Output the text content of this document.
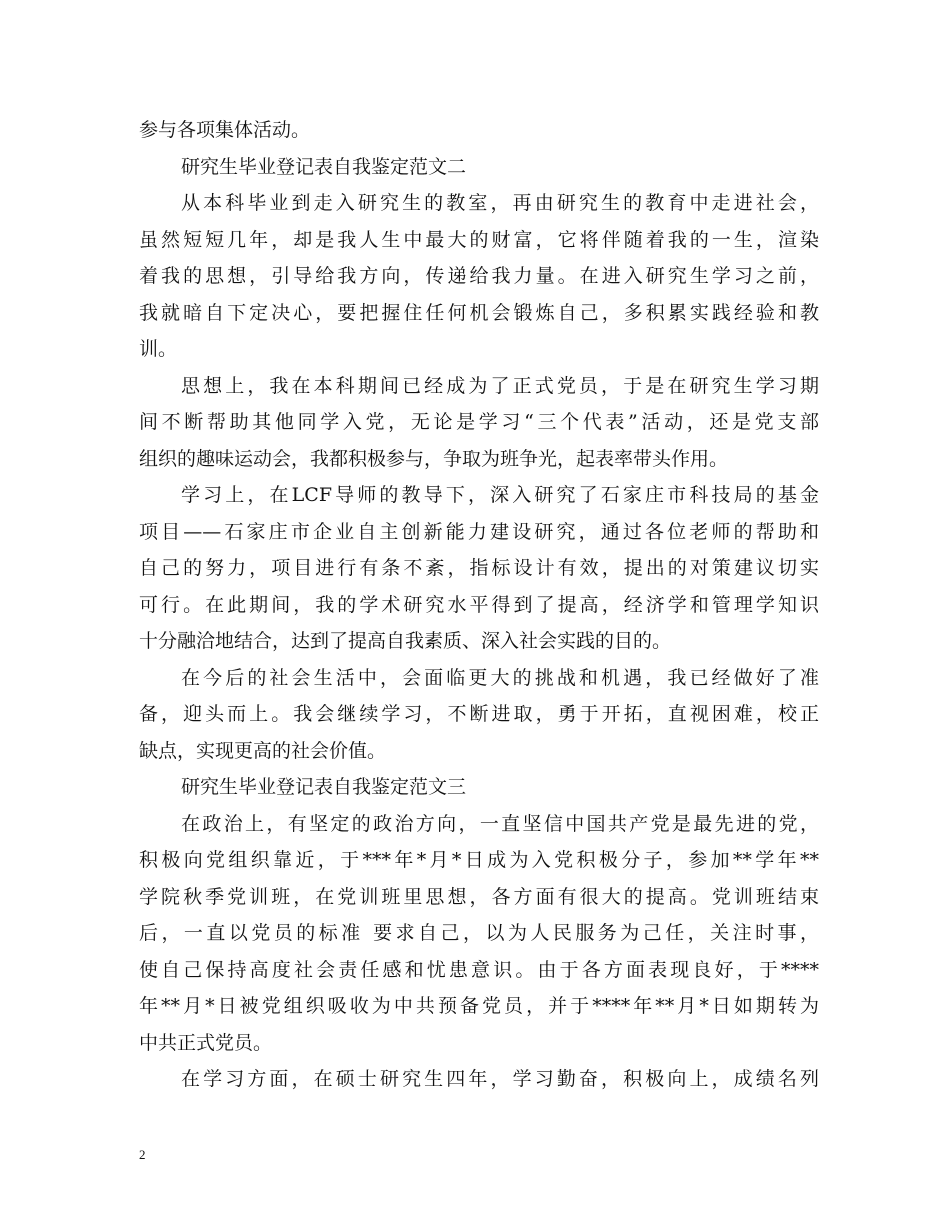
参与各项集体活动。
研究生毕业登记表自我鉴定范文二
从本科毕业到走入研究生的教室，再由研究生的教育中走进社会，
虽然短短几年，却是我人生中最大的财富，它将伴随着我的一生，渲染
着我的思想，引导给我方向，传递给我力量。在进入研究生学习之前，
我就暗自下定决心，要把握住任何机会锻炼自己，多积累实践经验和教
训。
思想上，我在本科期间已经成为了正式党员，于是在研究生学习期
间不断帮助其他同学入党，无论是学习“三个代表”活动，还是党支部
组织的趣味运动会，我都积极参与，争取为班争光，起表率带头作用。
学习上，在LCF导师的教导下，深入研究了石家庄市科技局的基金
项目——石家庄市企业自主创新能力建设研究，通过各位老师的帮助和
自己的努力，项目进行有条不紊，指标设计有效，提出的对策建议切实
可行。在此期间，我的学术研究水平得到了提高，经济学和管理学知识
十分融洽地结合，达到了提高自我素质、深入社会实践的目的。
在今后的社会生活中，会面临更大的挑战和机遇，我已经做好了准
备，迎头而上。我会继续学习，不断进取，勇于开拓，直视困难，校正
缺点，实现更高的社会价值。
研究生毕业登记表自我鉴定范文三
在政治上，有坚定的政治方向，一直坚信中国共产党是最先进的党，
积极向党组织靠近，于***年*月*日成为入党积极分子，参加**学年**
学院秋季党训班，在党训班里思想，各方面有很大的提高。党训班结束
后，一直以党员的标准 要求自己，以为人民服务为己任，关注时事，
使自己保持高度社会责任感和忧患意识。由于各方面表现良好，于****
年**月*日被党组织吸收为中共预备党员，并于****年**月*日如期转为
中共正式党员。
在学习方面，在硕士研究生四年，学习勤奋，积极向上，成绩名列
2
